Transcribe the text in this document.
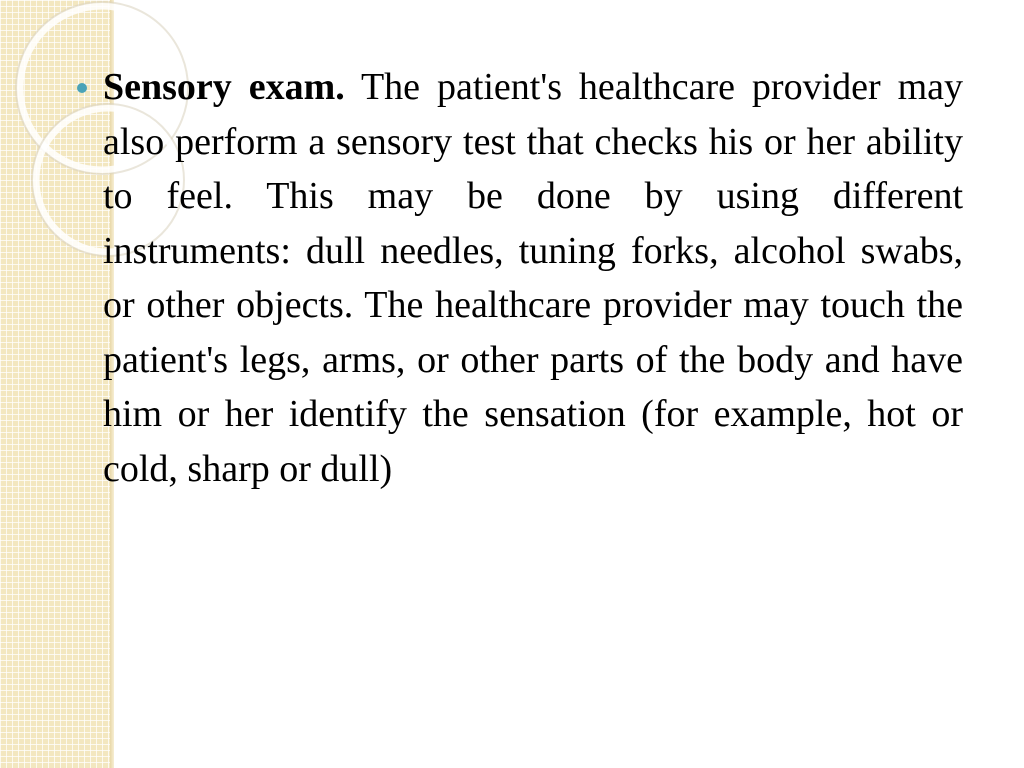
Sensory exam. The patient's healthcare provider may also perform a sensory test that checks his or her ability to feel. This may be done by using different instruments: dull needles, tuning forks, alcohol swabs, or other objects. The healthcare provider may touch the patient's legs, arms, or other parts of the body and have him or her identify the sensation (for example, hot or cold, sharp or dull)
